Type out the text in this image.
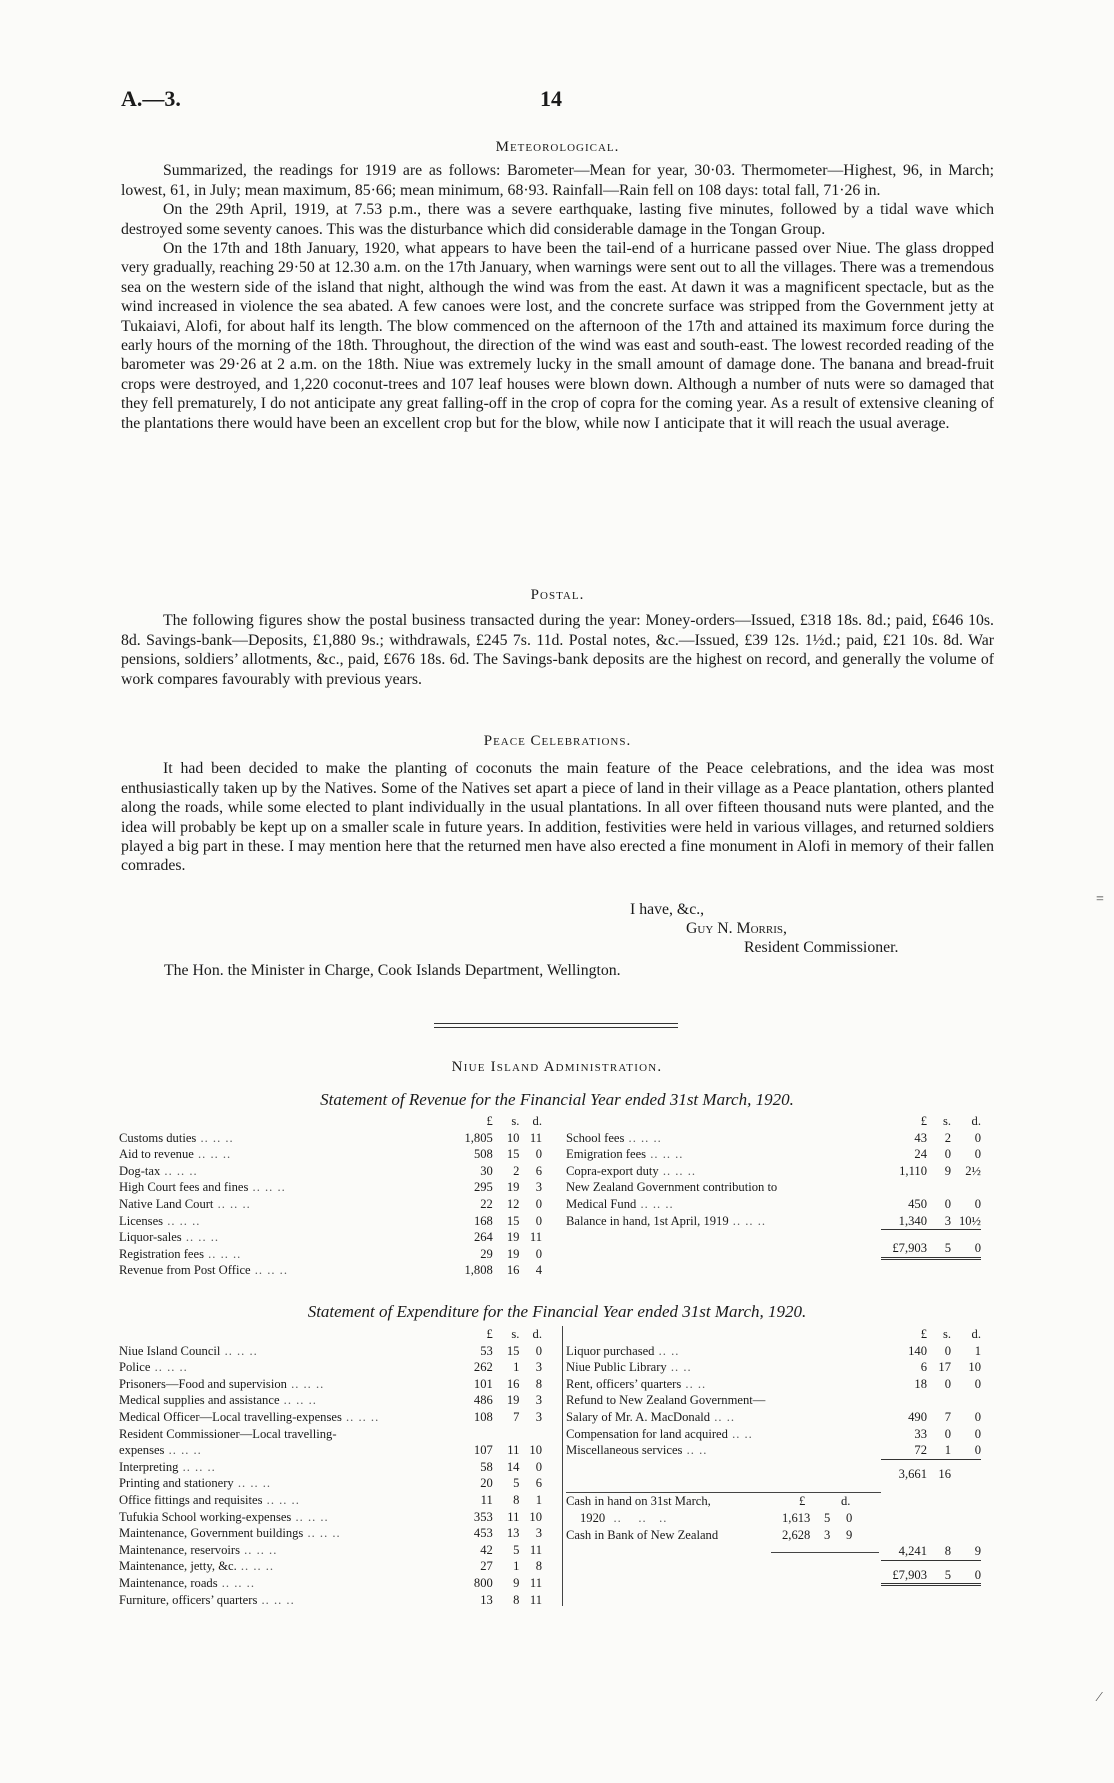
A.—3.	14

Meteorological.

Summarized, the readings for 1919 are as follows: Barometer—Mean for year, 30·03. Thermometer—Highest, 96, in March; lowest, 61, in July; mean maximum, 85·66; mean minimum, 68·93. Rainfall—Rain fell on 108 days: total fall, 71·26 in.

On the 29th April, 1919, at 7.53 p.m., there was a severe earthquake, lasting five minutes, followed by a tidal wave which destroyed some seventy canoes. This was the disturbance which did considerable damage in the Tongan Group.

On the 17th and 18th January, 1920, what appears to have been the tail-end of a hurricane passed over Niue. The glass dropped very gradually, reaching 29·50 at 12.30 a.m. on the 17th January, when warnings were sent out to all the villages. There was a tremendous sea on the western side of the island that night, although the wind was from the east. At dawn it was a magnificent spectacle, but as the wind increased in violence the sea abated. A few canoes were lost, and the concrete surface was stripped from the Government jetty at Tukaiavi, Alofi, for about half its length. The blow commenced on the afternoon of the 17th and attained its maximum force during the early hours of the morning of the 18th. Throughout, the direction of the wind was east and south-east. The lowest recorded reading of the barometer was 29·26 at 2 a.m. on the 18th. Niue was extremely lucky in the small amount of damage done. The banana and bread-fruit crops were destroyed, and 1,220 coconut-trees and 107 leaf houses were blown down. Although a number of nuts were so damaged that they fell prematurely, I do not anticipate any great falling-off in the crop of copra for the coming year. As a result of extensive cleaning of the plantations there would have been an excellent crop but for the blow, while now I anticipate that it will reach the usual average.

Postal.

The following figures show the postal business transacted during the year: Money-orders—Issued, £318 18s. 8d.; paid, £646 10s. 8d. Savings-bank—Deposits, £1,880 9s.; withdrawals, £245 7s. 11d. Postal notes, &c.—Issued, £39 12s. 1½d.; paid, £21 10s. 8d. War pensions, soldiers’ allotments, &c., paid, £676 18s. 6d. The Savings-bank deposits are the highest on record, and generally the volume of work compares favourably with previous years.

Peace Celebrations.

It had been decided to make the planting of coconuts the main feature of the Peace celebrations, and the idea was most enthusiastically taken up by the Natives. Some of the Natives set apart a piece of land in their village as a Peace plantation, others planted along the roads, while some elected to plant individually in the usual plantations. In all over fifteen thousand nuts were planted, and the idea will probably be kept up on a smaller scale in future years. In addition, festivities were held in various villages, and returned soldiers played a big part in these. I may mention here that the returned men have also erected a fine monument in Alofi in memory of their fallen comrades.

I have, &c.,
Guy N. Morris,
Resident Commissioner.
The Hon. the Minister in Charge, Cook Islands Department, Wellington.
Niue Island Administration.
Statement of Revenue for the Financial Year ended 31st March, 1920.
	£	s.	d.
Customs duties .. .. ..	1,805	10	11
Aid to revenue .. .. ..	508	15	0
Dog-tax .. .. ..	30	2	6
High Court fees and fines .. .. ..	295	19	3
Native Land Court .. .. ..	22	12	0
Licenses .. .. ..	168	15	0
Liquor-sales .. .. ..	264	19	11
Registration fees .. .. ..	29	19	0
Revenue from Post Office .. .. ..	1,808	16	4
	£	s.	d.
School fees .. .. ..	43	2	0
Emigration fees .. .. ..	24	0	0
Copra-export duty .. .. ..	1,110	9	2½
New Zealand Government contribution to			
Medical Fund .. .. ..	450	0	0
Balance in hand, 1st April, 1919 .. .. ..	1,340	3	10½

	£7,903	5	0
Statement of Expenditure for the Financial Year ended 31st March, 1920.
	£	s.	d.
Niue Island Council .. .. ..	53	15	0
Police .. .. ..	262	1	3
Prisoners—Food and supervision .. .. ..	101	16	8
Medical supplies and assistance .. .. ..	486	19	3
Medical Officer—Local travelling-expenses .. .. ..	108	7	3
Resident Commissioner—Local travelling-			
expenses .. .. ..	107	11	10
Interpreting .. .. ..	58	14	0
Printing and stationery .. .. ..	20	5	6
Office fittings and requisites .. .. ..	11	8	1
Tufukia School working-expenses .. .. ..	353	11	10
Maintenance, Government buildings .. .. ..	453	13	3
Maintenance, reservoirs .. .. ..	42	5	11
Maintenance, jetty, &c. .. .. ..	27	1	8
Maintenance, roads .. .. ..	800	9	11
Furniture, officers’ quarters .. .. ..	13	8	11
	£	s.	d.
Liquor purchased .. ..	140	0	1
Niue Public Library .. ..	6	17	10
Rent, officers’ quarters .. ..	18	0	0
Refund to New Zealand Government—			
Salary of Mr. A. MacDonald .. ..	490	7	0
Compensation for land acquired .. ..	33	0	0
Miscellaneous services .. ..	72	1	0

	3,661	16	

Cash in hand on 31st March, £ d.			

1920  ..    ..   .. 1,613 5 0			

Cash in Bank of New Zealand 2,628 3 9			

	4,241	8	9

	£7,903	5	0
=
⁄
